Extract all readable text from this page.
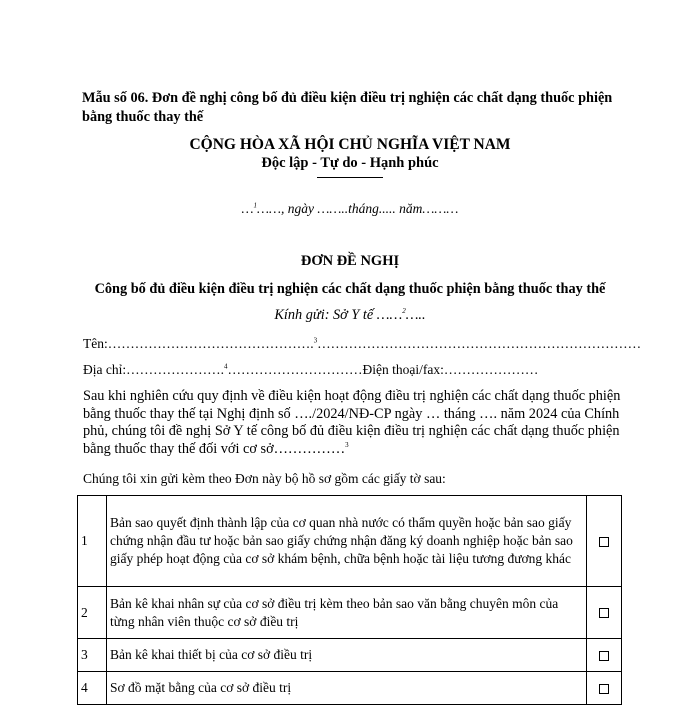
Mẫu số 06. Đơn đề nghị công bố đủ điều kiện điều trị nghiện các chất dạng thuốc phiện bằng thuốc thay thế
CỘNG HÒA XÃ HỘI CHỦ NGHĨA VIỆT NAM
Độc lập - Tự do - Hạnh phúc
…$^1$……, ngày ……..tháng..... năm………
ĐƠN ĐỀ NGHỊ
Công bố đủ điều kiện điều trị nghiện các chất dạng thuốc phiện bằng thuốc thay thế
Kính gửi: Sở Y tế ……$^2$…..
Tên:……………………………………….$^3$………………………………………………………………
Địa chỉ:………………….$^4$…………………………Điện thoại/fax:…………………
Sau khi nghiên cứu quy định về điều kiện hoạt động điều trị nghiện các chất dạng thuốc phiện bằng thuốc thay thế tại Nghị định số …./2024/NĐ-CP ngày … tháng …. năm 2024 của Chính phủ, chúng tôi đề nghị Sở Y tế công bố đủ điều kiện điều trị nghiện các chất dạng thuốc phiện bằng thuốc thay thế đối với cơ sở……………$^3$
Chúng tôi xin gửi kèm theo Đơn này bộ hồ sơ gồm các giấy tờ sau:
1	Bản sao quyết định thành lập của cơ quan nhà nước có thẩm quyền hoặc bản sao giấy chứng nhận đầu tư hoặc bản sao giấy chứng nhận đăng ký doanh nghiệp hoặc bản sao giấy phép hoạt động của cơ sở khám bệnh, chữa bệnh hoặc tài liệu tương đương khác	
2	Bản kê khai nhân sự của cơ sở điều trị kèm theo bản sao văn bằng chuyên môn của từng nhân viên thuộc cơ sở điều trị	
3	Bản kê khai thiết bị của cơ sở điều trị	
4	Sơ đồ mặt bằng của cơ sở điều trị	
